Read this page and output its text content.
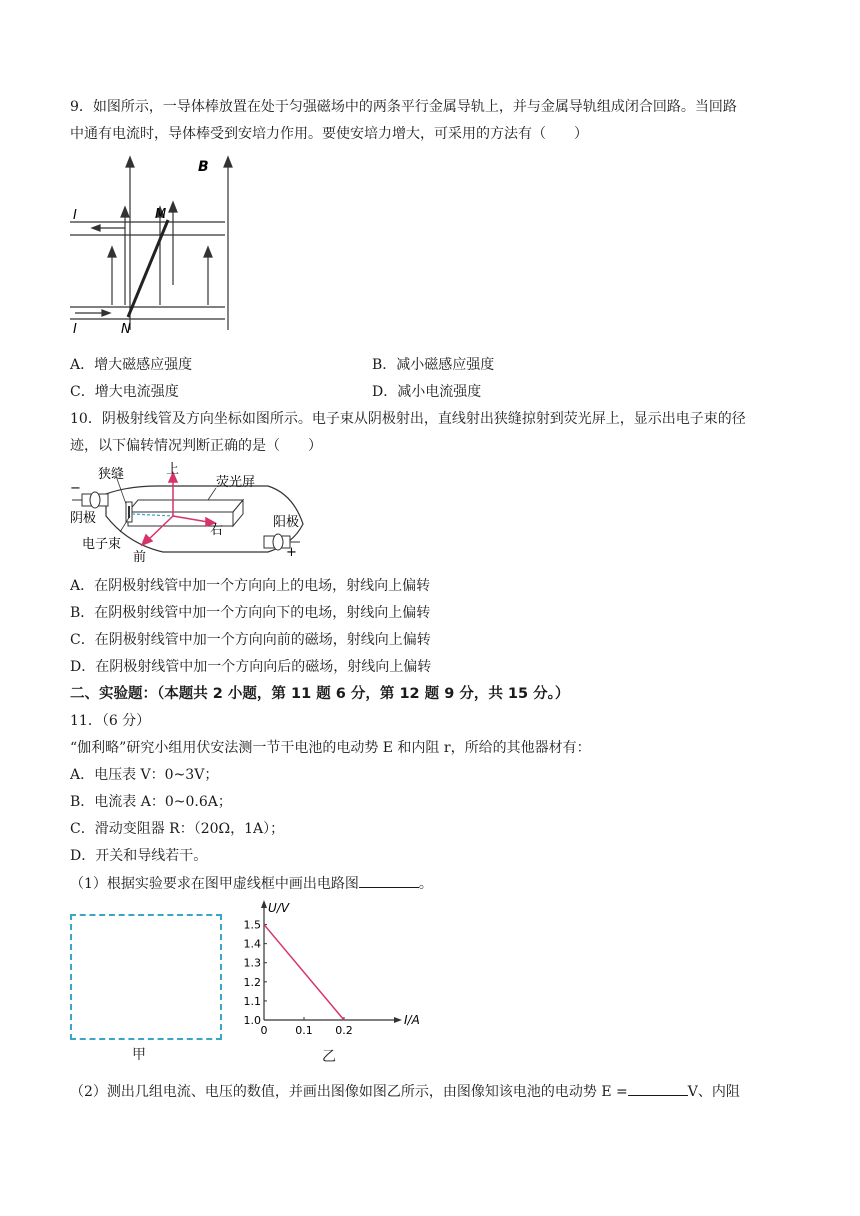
9．如图所示，一导体棒放置在处于匀强磁场中的两条平行金属导轨上，并与金属导轨组成闭合回路。当回路
中通有电流时，导体棒受到安培力作用。要使安培力增大，可采用的方法有（　　）
B
M
N
I
I
A．增大磁感应强度	B．减小磁感应强度
C．增大电流强度	D．减小电流强度
10．阴极射线管及方向坐标如图所示。电子束从阴极射出，直线射出狭缝掠射到荧光屏上，显示出电子束的径
迹，以下偏转情况判断正确的是（　　）
狭缝	上
荧光屏
−
阴极
右
阳极
电子束
前	+
A．在阴极射线管中加一个方向向上的电场，射线向上偏转
B．在阴极射线管中加一个方向向下的电场，射线向上偏转
C．在阴极射线管中加一个方向向前的磁场，射线向上偏转
D．在阴极射线管中加一个方向向后的磁场，射线向上偏转
二、实验题：（本题共 2 小题，第 11 题 6 分，第 12 题 9 分，共 15 分。）
11．（6 分）
“伽利略”研究小组用伏安法测一节干电池的电动势 E 和内阻 r，所给的其他器材有：
A．电压表 V：0~3V；
B．电流表 A：0~0.6A；
C．滑动变阻器 R：（20Ω，1A）；
D．开关和导线若干。
（1）根据实验要求在图甲虚线框中画出电路图	。
甲
1.0
1.1
1.2
1.3
1.4
1.5
0	0.1 0.2
U/V
I/A
乙
（2）测出几组电流、电压的数值，并画出图像如图乙所示，由图像知该电池的电动势 E =	V、内阻
